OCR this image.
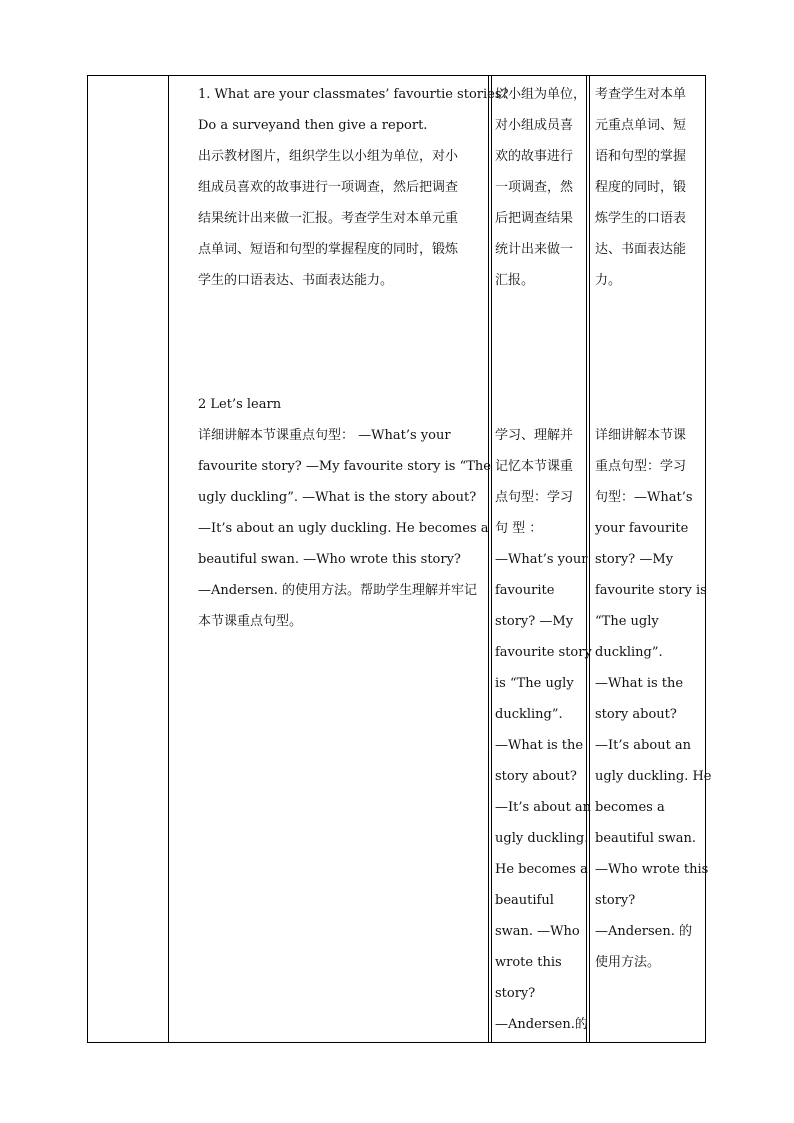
1. What are your classmates’ favourtie stories?
Do a surveyand then give a report.
出示教材图片，组织学生以小组为单位，对小
组成员喜欢的故事进行一项调查，然后把调查
结果统计出来做一汇报。考查学生对本单元重
点单词、短语和句型的掌握程度的同时，锻炼
学生的口语表达、书面表达能力。
以小组为单位，
对小组成员喜
欢的故事进行
一项调查，然
后把调查结果
统计出来做一
汇报。
考查学生对本单
元重点单词、短
语和句型的掌握
程度的同时，锻
炼学生的口语表
达、书面表达能
力。
2 Let’s learn
详细讲解本节课重点句型： —What’s your
favourite story? —My favourite story is “The
ugly duckling”. —What is the story about?
—It’s about an ugly duckling. He becomes a
beautiful swan. —Who wrote this story?
—Andersen. 的使用方法。帮助学生理解并牢记
本节课重点句型。
学习、理解并
记忆本节课重
点句型：学习
句 型 ：
—What’s your
favourite
story? —My
favourite story
is “The ugly
duckling”.
—What is the
story about?
—It’s about an
ugly duckling.
He becomes a
beautiful
swan. —Who
wrote this
story?
—Andersen.的
详细讲解本节课
重点句型：学习
句型：—What’s
your favourite
story? —My
favourite story is
“The ugly
duckling”.
—What is the
story about?
—It’s about an
ugly duckling. He
becomes a
beautiful swan.
—Who wrote this
story?
—Andersen. 的
使用方法。
